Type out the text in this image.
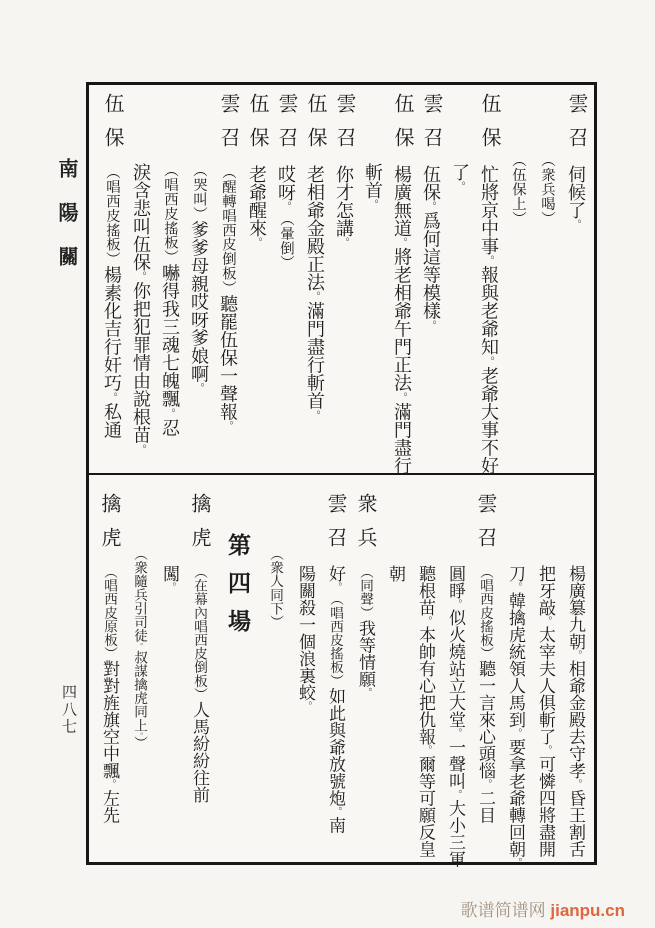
雲召伺候了。
︵衆兵喝︶
︵伍保上︶
伍保忙將京中事。報與老爺知。老爺大事不好
了。
雲召伍保。爲何這等模樣。
伍保楊廣無道。將老相爺午門正法。滿門盡行
斬首。
雲召你才怎講。
伍保老相爺金殿正法。滿門盡行斬首。
雲召哎呀。︵暈倒︶
伍保老爺醒來。
雲召︵醒轉唱西皮倒板︶聽罷伍保一聲報。
︵哭叫︶爹爹母親哎呀爹娘啊。
︵唱西皮搖板︶嚇得我三魂七魄飄。忍
淚含悲叫伍保。你把犯罪情由說根苗。
伍保︵唱西皮搖板︶楊素化吉行奸巧。私通
楊廣簒九朝。相爺金殿去守孝。昏王割舌
把牙敲。太宰夫人俱斬了。可憐四將盡開
刀。韓擒虎統領人馬到。要拿老爺轉回朝。
雲召︵唱西皮搖板︶聽一言來心頭惱。二目
圓睜。似火燒站立大堂。一聲叫。大小三軍
聽根苗。本帥有心把仇報。爾等可願反皇
朝
衆兵︵同聲︶我等情願。
雲召好。︵唱西皮搖板︶如此與爺放號炮。南
陽關殺一個浪裏蛟。
︵衆人同下︶
第四場
擒虎︵在幕內唱西皮倒板︶人馬紛紛往前
闖。
︵衆隨兵引司徒。叔謀擒虎同上。︶
擒虎︵唱西皮原板︶對對旌旗空中飄。左先
南陽關
四八七
歌谱简谱网 jianpu.cn
